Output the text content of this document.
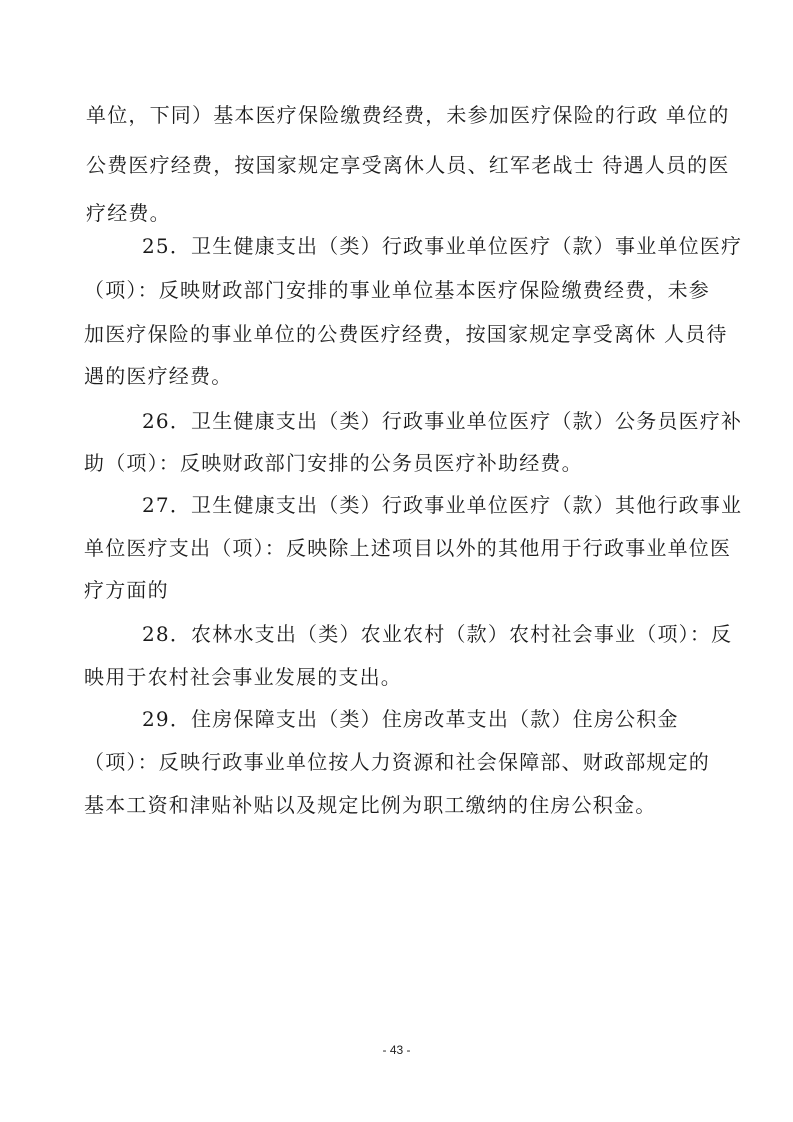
单位，下同）基本医疗保险缴费经费，未参加医疗保险的行政 单位的

公费医疗经费，按国家规定享受离休人员、红军老战士 待遇人员的医

疗经费。

25．卫生健康支出（类）行政事业单位医疗（款）事业单位医疗

（项）：反映财政部门安排的事业单位基本医疗保险缴费经费，未参

加医疗保险的事业单位的公费医疗经费，按国家规定享受离休 人员待

遇的医疗经费。

26．卫生健康支出（类）行政事业单位医疗（款）公务员医疗补

助（项）：反映财政部门安排的公务员医疗补助经费。

27．卫生健康支出（类）行政事业单位医疗（款）其他行政事业

单位医疗支出（项）：反映除上述项目以外的其他用于行政事业单位医

疗方面的

28．农林水支出（类）农业农村（款）农村社会事业（项）：反

映用于农村社会事业发展的支出。

29．住房保障支出（类）住房改革支出（款）住房公积金

（项）：反映行政事业单位按人力资源和社会保障部、财政部规定的

基本工资和津贴补贴以及规定比例为职工缴纳的住房公积金。

- 43 -
